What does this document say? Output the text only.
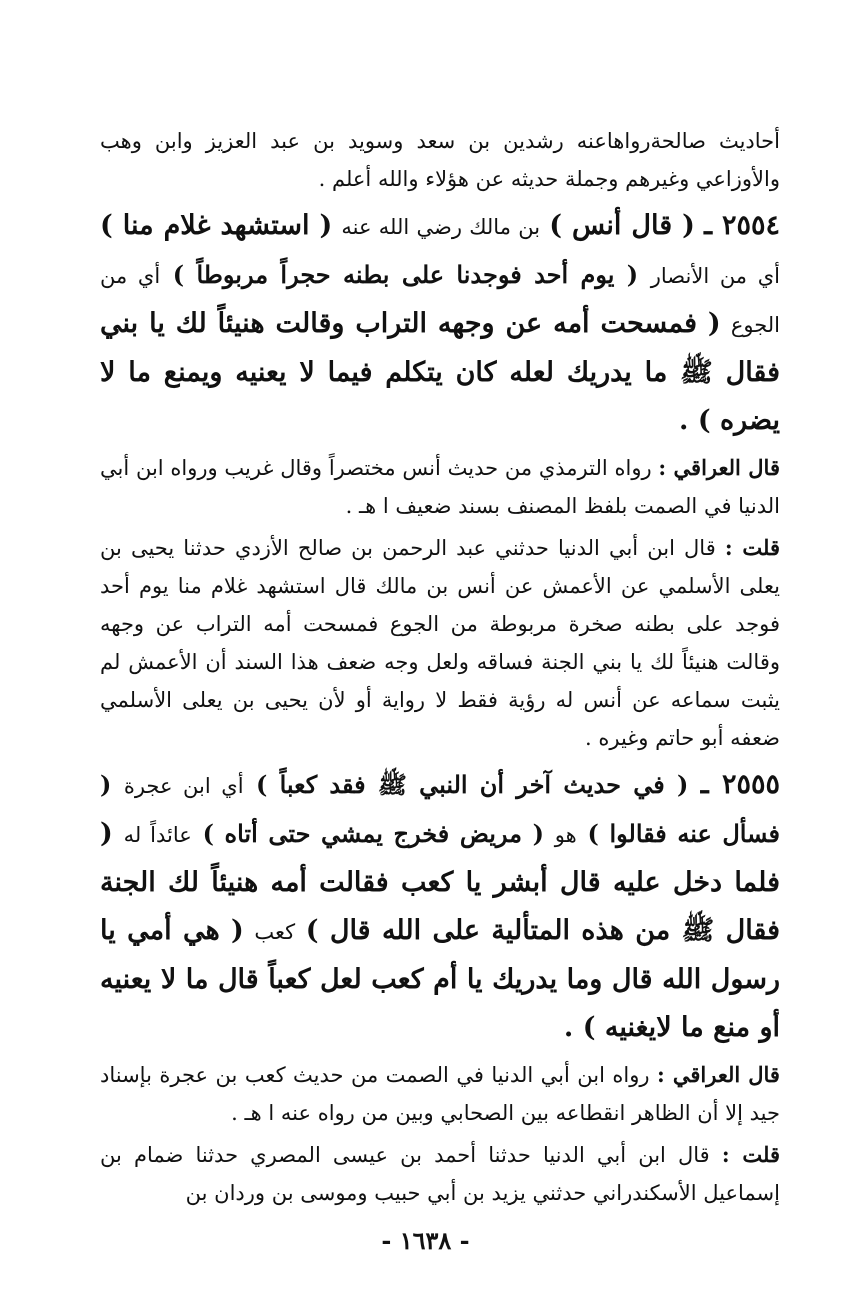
أحاديث صالحةرواهاعنه رشدين بن سعد وسويد بن عبد العزيز وابن وهب والأوزاعي وغيرهم وجملة حديثه عن هؤلاء والله أعلم .

٢٥٥٤ ـ ( قال أنس ) بن مالك رضي الله عنه ( استشهد غلام منا ) أي من الأنصار ( يوم أحد فوجدنا على بطنه حجراً مربوطاً ) أي من الجوع ( فمسحت أمه عن وجهه التراب وقالت هنيئاً لك يا بني فقال ﷺ ما يدريك لعله كان يتكلم فيما لا يعنيه ويمنع ما لا يضره ) .

قال العراقي : رواه الترمذي من حديث أنس مختصراً وقال غريب ورواه ابن أبي الدنيا في الصمت بلفظ المصنف بسند ضعيف ا هـ .

قلت : قال ابن أبي الدنيا حدثني عبد الرحمن بن صالح الأزدي حدثنا يحيى بن يعلى الأسلمي عن الأعمش عن أنس بن مالك قال استشهد غلام منا يوم أحد فوجد على بطنه صخرة مربوطة من الجوع فمسحت أمه التراب عن وجهه وقالت هنيئاً لك يا بني الجنة فساقه ولعل وجه ضعف هذا السند أن الأعمش لم يثبت سماعه عن أنس له رؤية فقط لا رواية أو لأن يحيى بن يعلى الأسلمي ضعفه أبو حاتم وغيره .

٢٥٥٥ ـ ( في حديث آخر أن النبي ﷺ فقد كعباً ) أي ابن عجرة ( فسأل عنه فقالوا ) هو ( مريض فخرج يمشي حتى أتاه ) عائداً له ( فلما دخل عليه قال أبشر يا كعب فقالت أمه هنيئاً لك الجنة فقال ﷺ من هذه المتألية على الله قال ) كعب ( هي أمي يا رسول الله قال وما يدريك يا أم كعب لعل كعباً قال ما لا يعنيه أو منع ما لايغنيه ) .

قال العراقي : رواه ابن أبي الدنيا في الصمت من حديث كعب بن عجرة بإسناد جيد إلا أن الظاهر انقطاعه بين الصحابي وبين من رواه عنه ا هـ .

قلت : قال ابن أبي الدنيا حدثنا أحمد بن عيسى المصري حدثنا ضمام بن إسماعيل الأسكندراني حدثني يزيد بن أبي حبيب وموسى بن وردان بن

- ١٦٣٨ -
